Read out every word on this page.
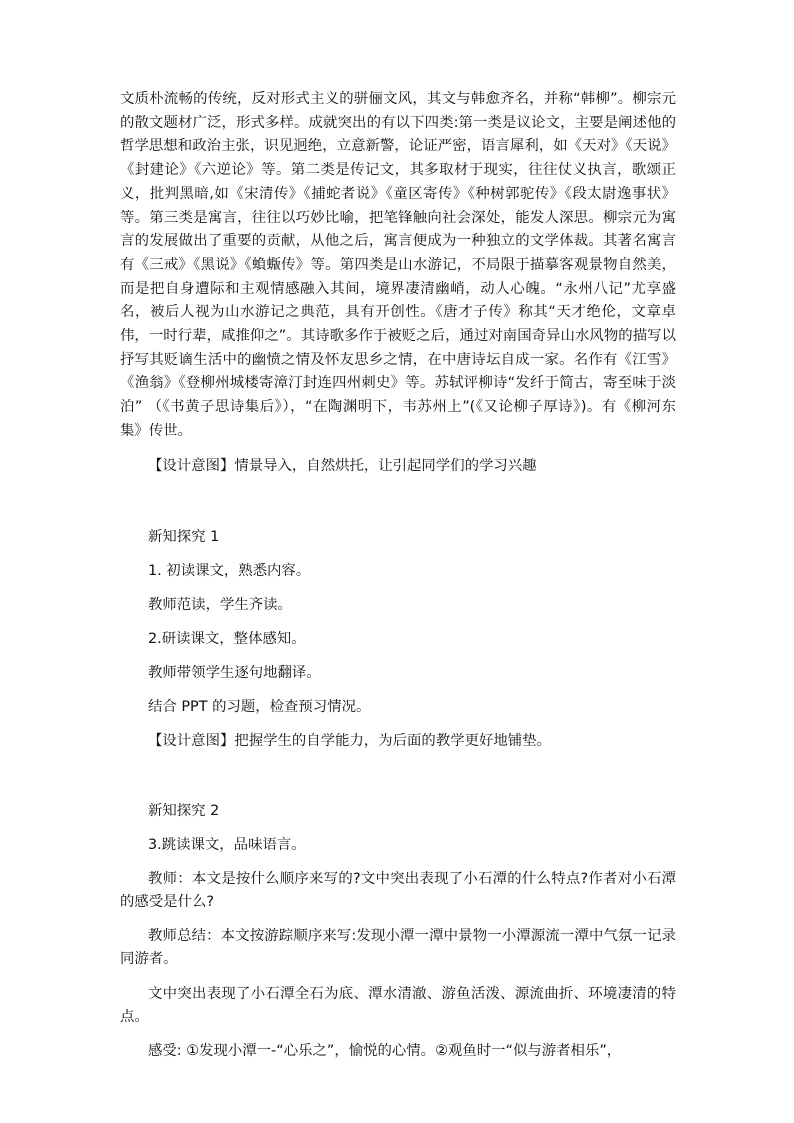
文质朴流畅的传统，反对形式主义的骈俪文风，其文与韩愈齐名，并称“韩柳”。柳宗元的散文题材广泛，形式多样。成就突出的有以下四类:第一类是议论文，主要是阐述他的哲学思想和政治主张，识见迥绝，立意新警，论证严密，语言犀利，如《天对》《天说》《封建论》《六逆论》等。第二类是传记文，其多取材于现实，往往仗义执言，歌颂正义，批判黑暗,如《宋清传》《捕蛇者说》《童区寄传》《种树郭驼传》《段太尉逸事状》等。第三类是寓言，往往以巧妙比喻，把笔锋触向社会深处，能发人深思。柳宗元为寓言的发展做出了重要的贡献，从他之后，寓言便成为一种独立的文学体裁。其著名寓言有《三戒》《黑说》《蝜蝂传》等。第四类是山水游记，不局限于描摹客观景物自然美，而是把自身遭际和主观情感融入其间，境界凄清幽峭，动人心魄。“永州八记”尤享盛名，被后人视为山水游记之典范，具有开创性。《唐才子传》称其“天才绝伦，文章卓伟，一时行辈，咸推仰之”。其诗歌多作于被贬之后，通过对南国奇异山水风物的描写以抒写其贬谪生活中的幽愤之情及怀友思乡之情，在中唐诗坛自成一家。名作有《江雪》《渔翁》《登柳州城楼寄漳汀封连四州刺史》等。苏轼评柳诗“发纤于简古，寄至味于淡泊” （《书黄子思诗集后》），“在陶渊明下，韦苏州上”(《又论柳子厚诗》)。有《柳河东集》传世。

【设计意图】情景导入，自然烘托，让引起同学们的学习兴趣

新知探究 1

1. 初读课文，熟悉内容。

教师范读，学生齐读。

2.研读课文，整体感知。

教师带领学生逐句地翻译。

结合 PPT 的习题，检查预习情况。

【设计意图】把握学生的自学能力，为后面的教学更好地铺垫。

新知探究 2

3.跳读课文，品味语言。

教师：本文是按什么顺序来写的?文中突出表现了小石潭的什么特点?作者对小石潭的感受是什么?

教师总结：本文按游踪顺序来写:发现小潭一潭中景物一小潭源流一潭中气氛一记录同游者。

文中突出表现了小石潭全石为底、潭水清澈、游鱼活泼、源流曲折、环境凄清的特点。

感受: ①发现小潭一-“心乐之”，愉悦的心情。②观鱼时一“似与游者相乐”，
